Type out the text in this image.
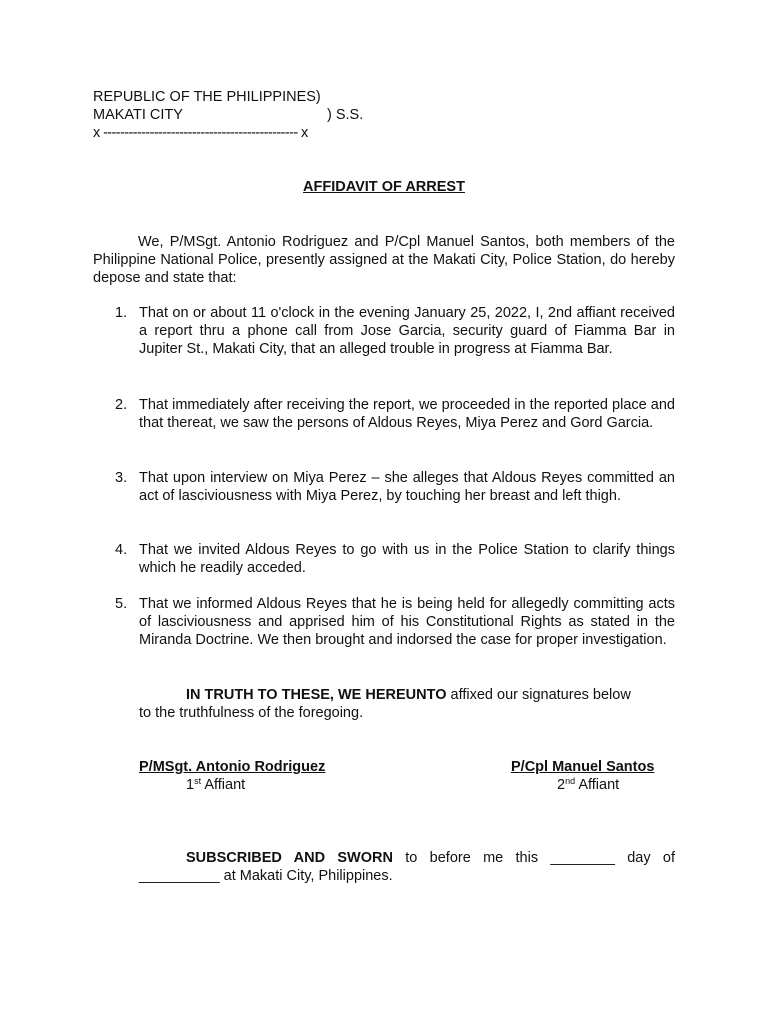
REPUBLIC OF THE PHILIPPINES)
MAKATI CITY	) S.S.
x ---------------------------------------------- x
AFFIDAVIT OF ARREST
We, P/MSgt. Antonio Rodriguez and P/Cpl Manuel Santos, both members of the Philippine National Police, presently assigned at the Makati City, Police Station, do hereby depose and state that:
1. That on or about 11 o'clock in the evening January 25, 2022, I, 2nd affiant received a report thru a phone call from Jose Garcia, security guard of Fiamma Bar in Jupiter St., Makati City, that an alleged trouble in progress at Fiamma Bar.
2. That immediately after receiving the report, we proceeded in the reported place and that thereat, we saw the persons of Aldous Reyes, Miya Perez and Gord Garcia.
3. That upon interview on Miya Perez – she alleges that Aldous Reyes committed an act of lasciviousness with Miya Perez, by touching her breast and left thigh.
4. That we invited Aldous Reyes to go with us in the Police Station to clarify things which he readily acceded.
5. That we informed Aldous Reyes that he is being held for allegedly committing acts of lasciviousness and apprised him of his Constitutional Rights as stated in the Miranda Doctrine. We then brought and indorsed the case for proper investigation.
IN TRUTH TO THESE, WE HEREUNTO affixed our signatures below
to the truthfulness of the foregoing.
P/MSgt. Antonio Rodriguez
1st Affiant
P/Cpl Manuel Santos
2nd Affiant
SUBSCRIBED AND SWORN to before me this ________ day of
__________ at Makati City, Philippines.
